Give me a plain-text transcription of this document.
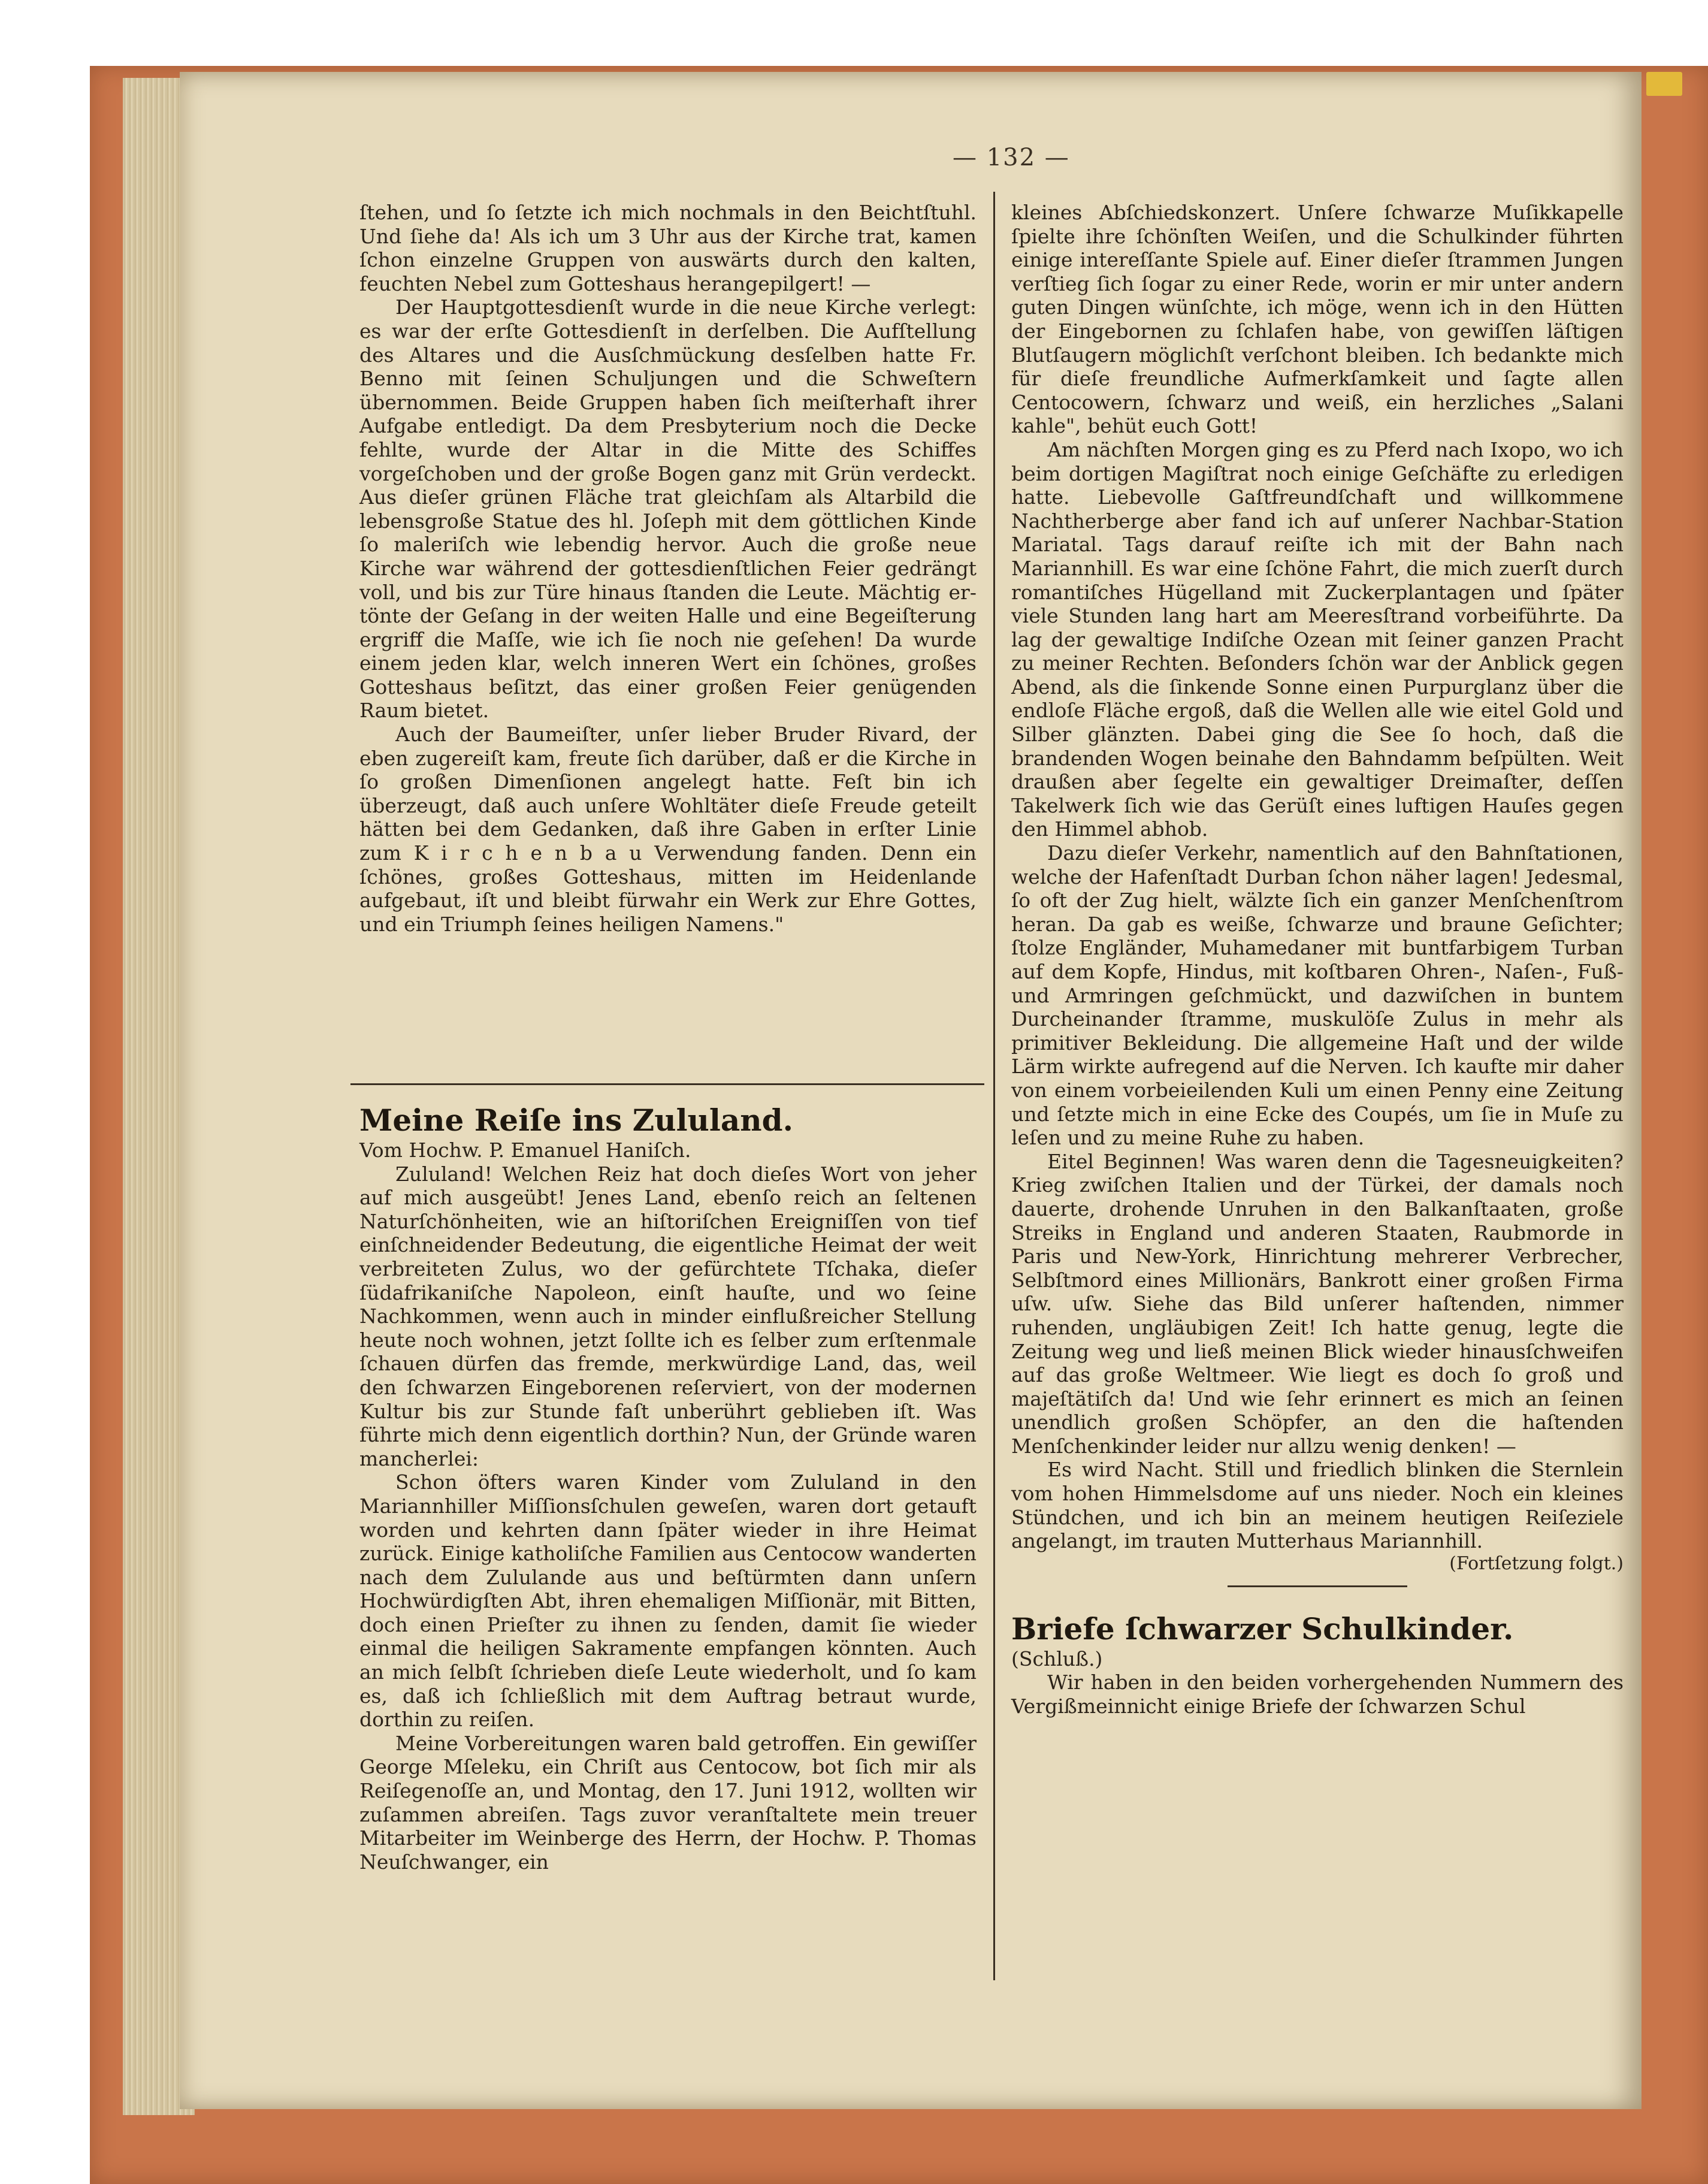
— 132 —

ſtehen, und ſo ſetzte ich mich nochmals in den Beichtſtuhl. Und ſiehe da! Als ich um 3 Uhr aus der Kirche trat, kamen ſchon einzelne Gruppen von auswärts durch den kalten, feuchten Nebel zum Gotteshaus herangepilgert! —

Der Hauptgottesdienſt wurde in die neue Kirche verlegt: es war der erſte Gottesdienſt in derſelben. Die Aufſtellung des Altares und die Ausſchmückung desſelben hatte Fr. Benno mit ſeinen Schuljungen und die Schweſtern übernommen. Beide Gruppen haben ſich meiſterhaft ihrer Aufgabe entledigt. Da dem Presbyterium noch die Decke fehlte, wurde der Altar in die Mitte des Schiffes vorgeſchoben und der große Bogen ganz mit Grün verdeckt. Aus dieſer grünen Fläche trat gleichſam als Altarbild die lebensgroße Statue des hl. Joſeph mit dem göttlichen Kinde ſo maleriſch wie lebendig hervor. Auch die große neue Kirche war während der gottesdienſtlichen Feier gedrängt voll, und bis zur Türe hinaus ſtanden die Leute. Mächtig ertönte der Geſang in der weiten Halle und eine Begeiſterung ergriff die Maſſe, wie ich ſie noch nie geſehen! Da wurde einem jeden klar, welch inneren Wert ein ſchönes, großes Gotteshaus beſitzt, das einer großen Feier genügenden Raum bietet.

Auch der Baumeiſter, unſer lieber Bruder Rivard, der eben zugereiſt kam, freute ſich darüber, daß er die Kirche in ſo großen Dimenſionen angelegt hatte. Feſt bin ich überzeugt, daß auch unſere Wohltäter dieſe Freude geteilt hätten bei dem Gedanken, daß ihre Gaben in erſter Linie zum K i r c h e n b a u Verwendung fanden. Denn ein ſchönes, großes Gotteshaus, mitten im Heidenlande aufgebaut, iſt und bleibt fürwahr ein Werk zur Ehre Gottes, und ein Triumph ſeines heiligen Namens."

Meine Reiſe ins Zululand.

Vom Hochw. P. Emanuel Haniſch.

Zululand! Welchen Reiz hat doch dieſes Wort von jeher auf mich ausgeübt! Jenes Land, ebenſo reich an ſeltenen Naturſchönheiten, wie an hiſtoriſchen Ereigniſſen von tief einſchneidender Bedeutung, die eigentliche Heimat der weit verbreiteten Zulus, wo der gefürchtete Tſchaka, dieſer ſüdafrikaniſche Napoleon, einſt hauſte, und wo ſeine Nachkommen, wenn auch in minder einflußreicher Stellung heute noch wohnen, jetzt ſollte ich es ſelber zum erſtenmale ſchauen dürfen das fremde, merkwürdige Land, das, weil den ſchwarzen Eingeborenen reſerviert, von der modernen Kultur bis zur Stunde faſt unberührt geblieben iſt. Was führte mich denn eigentlich dorthin? Nun, der Gründe waren mancherlei:

Schon öfters waren Kinder vom Zululand in den Mariannhiller Miſſionsſchulen geweſen, waren dort getauft worden und kehrten dann ſpäter wieder in ihre Heimat zurück. Einige katholiſche Familien aus Centocow wanderten nach dem Zululande aus und beſtürmten dann unſern Hochwürdigſten Abt, ihren ehemaligen Miſſionär, mit Bitten, doch einen Prieſter zu ihnen zu ſenden, damit ſie wieder einmal die heiligen Sakramente empfangen könnten. Auch an mich ſelbſt ſchrieben dieſe Leute wiederholt, und ſo kam es, daß ich ſchließlich mit dem Auftrag betraut wurde, dorthin zu reiſen.

Meine Vorbereitungen waren bald getroffen. Ein gewiſſer George Mſeleku, ein Chriſt aus Centocow, bot ſich mir als Reiſegenoſſe an, und Montag, den 17. Juni 1912, wollten wir zuſammen abreiſen. Tags zuvor veranſtaltete mein treuer Mitarbeiter im Weinberge des Herrn, der Hochw. P. Thomas Neuſchwanger, ein

kleines Abſchiedskonzert. Unſere ſchwarze Muſikkapelle ſpielte ihre ſchönſten Weiſen, und die Schulkinder führten einige intereſſante Spiele auf. Einer dieſer ſtrammen Jungen verſtieg ſich ſogar zu einer Rede, worin er mir unter andern guten Dingen wünſchte, ich möge, wenn ich in den Hütten der Eingebornen zu ſchlafen habe, von gewiſſen läſtigen Blutſaugern möglichſt verſchont bleiben. Ich bedankte mich für dieſe freundliche Aufmerkſamkeit und ſagte allen Centocowern, ſchwarz und weiß, ein herzliches „Salani kahle", behüt euch Gott!

Am nächſten Morgen ging es zu Pferd nach Ixopo, wo ich beim dortigen Magiſtrat noch einige Geſchäfte zu erledigen hatte. Liebevolle Gaſtfreundſchaft und willkommene Nachtherberge aber fand ich auf unſerer Nachbar-Station Mariatal. Tags darauf reiſte ich mit der Bahn nach Mariannhill. Es war eine ſchöne Fahrt, die mich zuerſt durch romantiſches Hügelland mit Zuckerplantagen und ſpäter viele Stunden lang hart am Meeresſtrand vorbeiführte. Da lag der gewaltige Indiſche Ozean mit ſeiner ganzen Pracht zu meiner Rechten. Beſonders ſchön war der Anblick gegen Abend, als die ſinkende Sonne einen Purpurglanz über die endloſe Fläche ergoß, daß die Wellen alle wie eitel Gold und Silber glänzten. Dabei ging die See ſo hoch, daß die brandenden Wogen beinahe den Bahndamm beſpülten. Weit draußen aber ſegelte ein gewaltiger Dreimaſter, deſſen Takelwerk ſich wie das Gerüſt eines luftigen Hauſes gegen den Himmel abhob.

Dazu dieſer Verkehr, namentlich auf den Bahnſtationen, welche der Hafenſtadt Durban ſchon näher lagen! Jedesmal, ſo oft der Zug hielt, wälzte ſich ein ganzer Menſchenſtrom heran. Da gab es weiße, ſchwarze und braune Geſichter; ſtolze Engländer, Muhamedaner mit buntfarbigem Turban auf dem Kopfe, Hindus, mit koſtbaren Ohren-, Naſen-, Fuß- und Armringen geſchmückt, und dazwiſchen in buntem Durcheinander ſtramme, muskulöſe Zulus in mehr als primitiver Bekleidung. Die allgemeine Haſt und der wilde Lärm wirkte aufregend auf die Nerven. Ich kaufte mir daher von einem vorbeieilenden Kuli um einen Penny eine Zeitung und ſetzte mich in eine Ecke des Coupés, um ſie in Muſe zu leſen und zu meine Ruhe zu haben.

Eitel Beginnen! Was waren denn die Tagesneuigkeiten? Krieg zwiſchen Italien und der Türkei, der damals noch dauerte, drohende Unruhen in den Balkanſtaaten, große Streiks in England und anderen Staaten, Raubmorde in Paris und New-York, Hinrichtung mehrerer Verbrecher, Selbſtmord eines Millionärs, Bankrott einer großen Firma uſw. uſw. Siehe das Bild unſerer haſtenden, nimmer ruhenden, ungläubigen Zeit! Ich hatte genug, legte die Zeitung weg und ließ meinen Blick wieder hinausſchweifen auf das große Weltmeer. Wie liegt es doch ſo groß und majeſtätiſch da! Und wie ſehr erinnert es mich an ſeinen unendlich großen Schöpfer, an den die haſtenden Menſchenkinder leider nur allzu wenig denken! —

Es wird Nacht. Still und friedlich blinken die Sternlein vom hohen Himmelsdome auf uns nieder. Noch ein kleines Stündchen, und ich bin an meinem heutigen Reiſeziele angelangt, im trauten Mutterhaus Mariannhill.

(Fortſetzung folgt.)

Briefe ſchwarzer Schulkinder.

(Schluß.)

Wir haben in den beiden vorhergehenden Nummern des Vergißmeinnicht einige Briefe der ſchwarzen Schul
